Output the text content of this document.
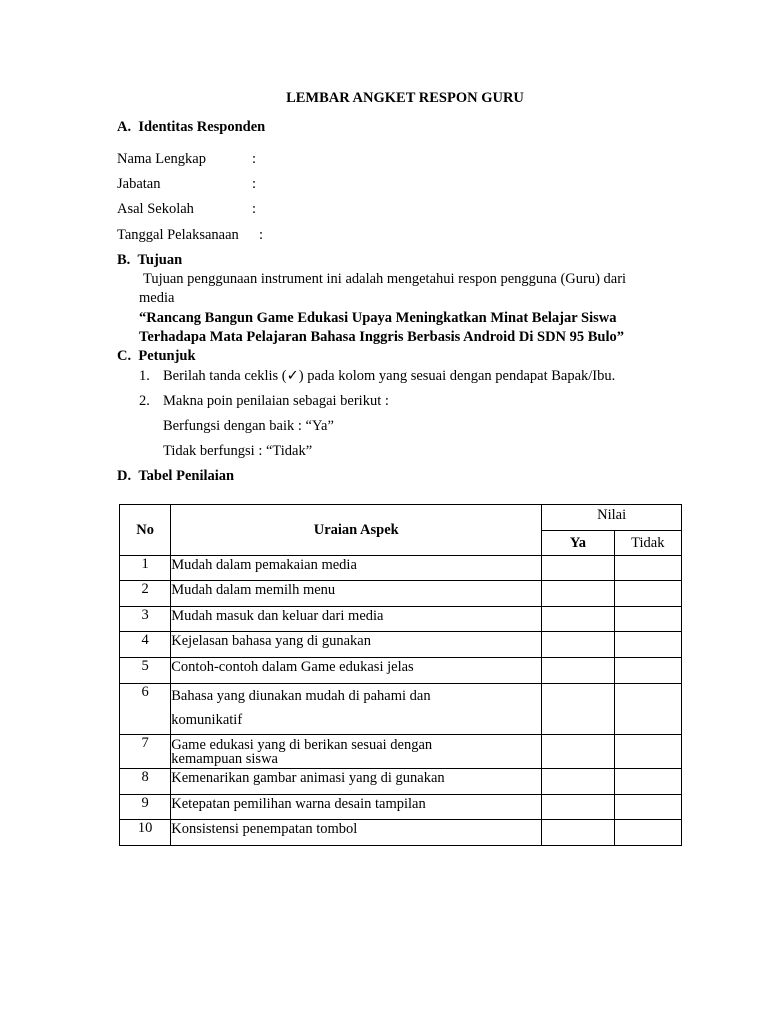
LEMBAR ANGKET RESPON GURU
A.  Identitas Responden
Nama Lengkap	:
Jabatan	:
Asal Sekolah	:
Tanggal Pelaksanaan :
B.  Tujuan
Tujuan penggunaan instrument ini adalah mengetahui respon pengguna (Guru) dari
media
“Rancang Bangun Game Edukasi Upaya Meningkatkan Minat Belajar Siswa
Terhadapa Mata Pelajaran Bahasa Inggris Berbasis Android Di SDN 95 Bulo”
C.  Petunjuk
1. Berilah tanda ceklis (✓) pada kolom yang sesuai dengan pendapat Bapak/Ibu.
2. Makna poin penilaian sebagai berikut :
Berfungsi dengan baik : “Ya”
Tidak berfungsi : “Tidak”
D.  Tabel Penilaian
No	Uraian Aspek	Nilai	
		Ya	Tidak
1	Mudah dalam pemakaian media		
2	Mudah dalam memilh menu		
3	Mudah masuk dan keluar dari media		
4	Kejelasan bahasa yang di gunakan		
5	Contoh-contoh dalam Game edukasi jelas		
6	Bahasa yang diunakan mudah di pahami dan
komunikatif		

7	Game edukasi yang di berikan sesuai dengan
kemampuan siswa		

8	Kemenarikan gambar animasi yang di gunakan		
9	Ketepatan pemilihan warna desain tampilan		
10	Konsistensi penempatan tombol		
